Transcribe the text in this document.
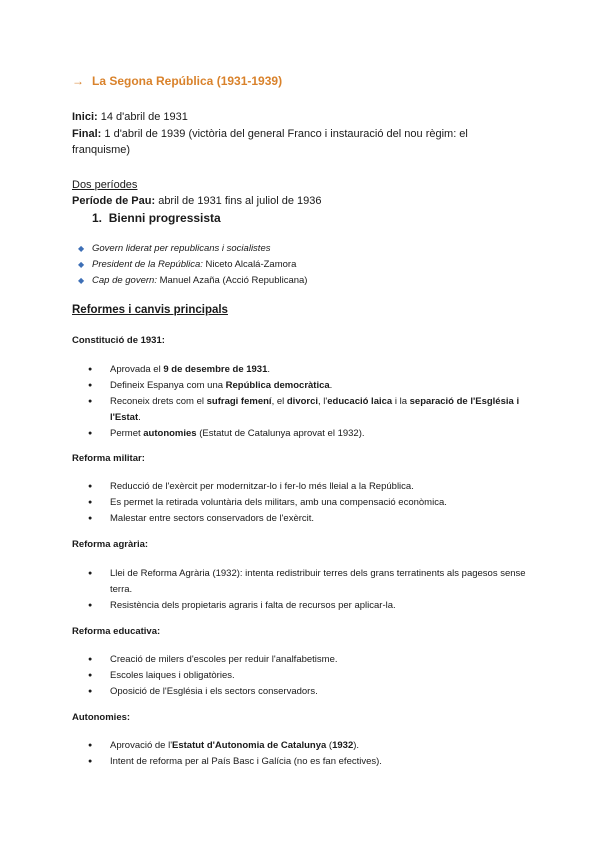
→ La Segona República (1931-1939)
Inici: 14 d'abril de 1931
Final: 1 d'abril de 1939 (victòria del general Franco i instauració del nou règim: el franquisme)
Dos períodes
Període de Pau: abril de 1931 fins al juliol de 1936
1. Bienni progressista
◆ Govern liderat per republicans i socialistes
◆ President de la República: Niceto Alcalá-Zamora
◆ Cap de govern: Manuel Azaña (Acció Republicana)
Reformes i canvis principals
Constitució de 1931:
● Aprovada el 9 de desembre de 1931.
● Defineix Espanya com una República democràtica.
● Reconeix drets com el sufragi femení, el divorci, l'educació laica i la separació de l'Església i l'Estat.
● Permet autonomies (Estatut de Catalunya aprovat el 1932).
Reforma militar:
● Reducció de l'exèrcit per modernitzar-lo i fer-lo més lleial a la República.
● Es permet la retirada voluntària dels militars, amb una compensació econòmica.
● Malestar entre sectors conservadors de l'exèrcit.
Reforma agrària:
● Llei de Reforma Agrària (1932): intenta redistribuir terres dels grans terratinents als pagesos sense terra.
● Resistència dels propietaris agraris i falta de recursos per aplicar-la.
Reforma educativa:
● Creació de milers d'escoles per reduir l'analfabetisme.
● Escoles laiques i obligatòries.
● Oposició de l'Església i els sectors conservadors.
Autonomies:
● Aprovació de l'Estatut d'Autonomia de Catalunya (1932).
● Intent de reforma per al País Basc i Galícia (no es fan efectives).
